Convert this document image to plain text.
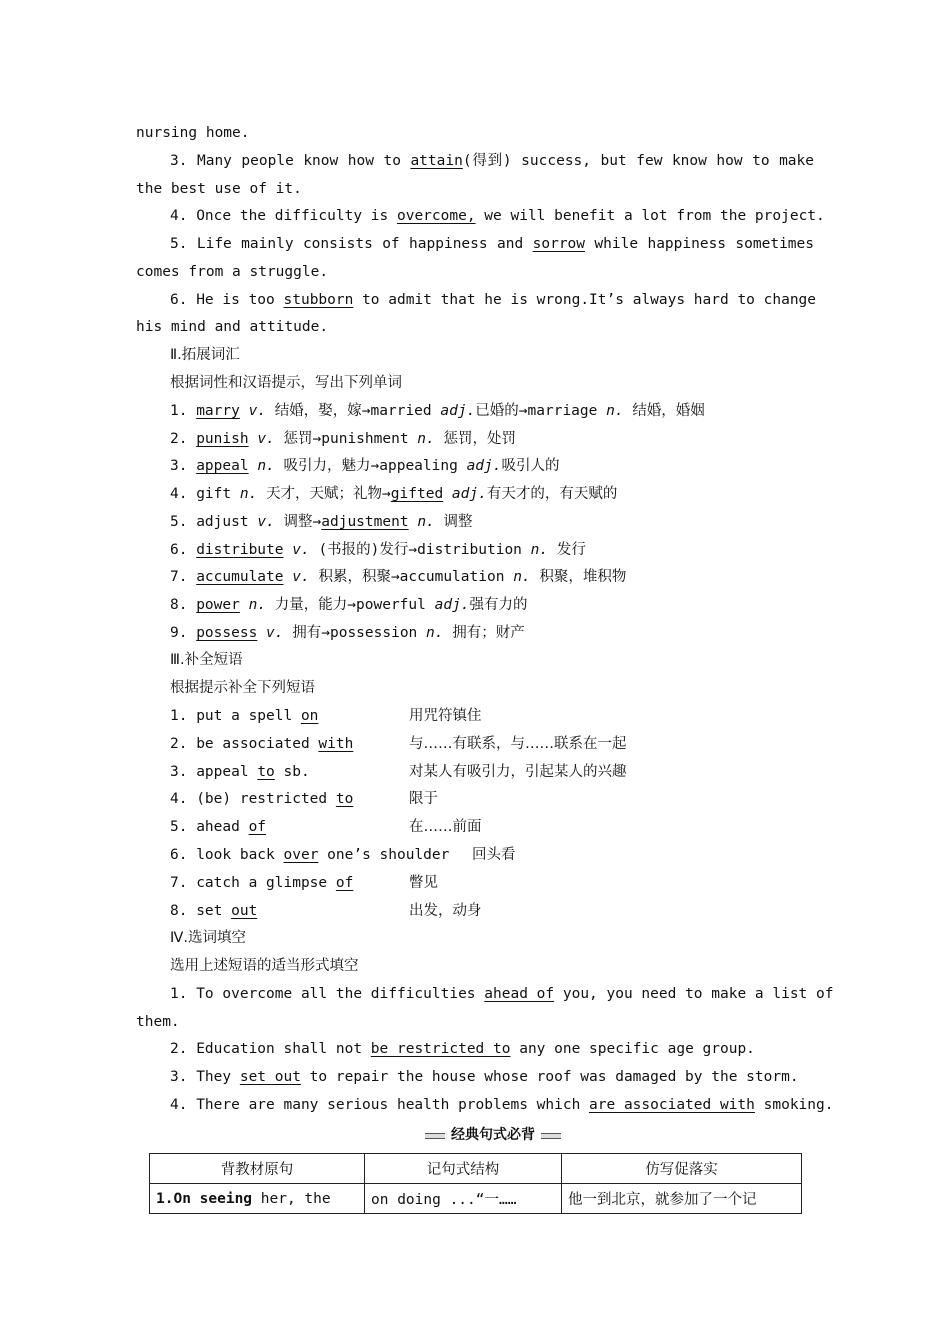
nursing home.
3. Many people know how to attain(得到) success, but few know how to make
the best use of it.
4. Once the difficulty is overcome, we will benefit a lot from the project.
5. Life mainly consists of happiness and sorrow while happiness sometimes
comes from a struggle.
6. He is too stubborn to admit that he is wrong.It’s always hard to change
his mind and attitude.
Ⅱ.拓展词汇
根据词性和汉语提示，写出下列单词
1. marry v. 结婚，娶，嫁→married adj.已婚的→marriage n. 结婚，婚姻
2. punish v. 惩罚→punishment n. 惩罚，处罚
3. appeal n. 吸引力，魅力→appealing adj.吸引人的
4. gift n. 天才，天赋；礼物→gifted adj.有天才的，有天赋的
5. adjust v. 调整→adjustment n. 调整
6. distribute v. (书报的)发行→distribution n. 发行
7. accumulate v. 积累，积聚→accumulation n. 积聚，堆积物
8. power n. 力量，能力→powerful adj.强有力的
9. possess v. 拥有→possession n. 拥有；财产
Ⅲ.补全短语
根据提示补全下列短语
1. put a spell on	用咒符镇住
2. be associated with	与……有联系，与……联系在一起
3. appeal to sb.	对某人有吸引力，引起某人的兴趣
4. (be) restricted to	限于
5. ahead of	在……前面
6. look back over one’s shoulder 回头看
7. catch a glimpse of	瞥见
8. set out	出发，动身
Ⅳ.选词填空
选用上述短语的适当形式填空
1. To overcome all the difficulties ahead of you, you need to make a list of
them.
2. Education shall not be restricted to any one specific age group.
3. They set out to repair the house whose roof was damaged by the storm.
4. There are many serious health problems which are associated with smoking.
经典句式必背
背教材原句	记句式结构	仿写促落实
1.On seeing her, the	on doing ...“一……	他一到北京，就参加了一个记
